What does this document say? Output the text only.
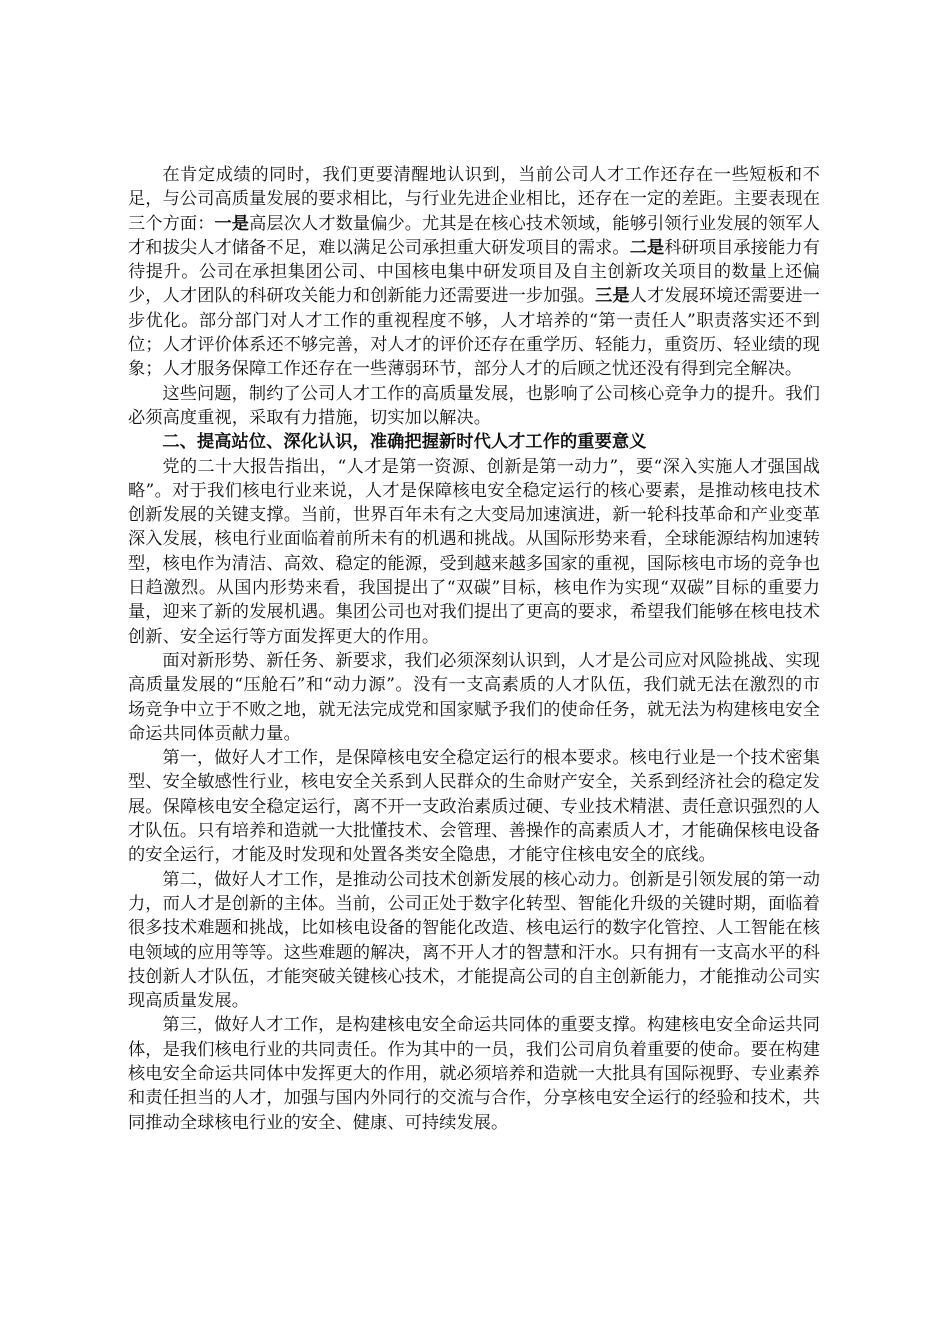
在肯定成绩的同时，我们更要清醒地认识到，当前公司人才工作还存在一些短板和不足，与公司高质量发展的要求相比，与行业先进企业相比，还存在一定的差距。主要表现在三个方面：一是高层次人才数量偏少。尤其是在核心技术领域，能够引领行业发展的领军人才和拔尖人才储备不足，难以满足公司承担重大研发项目的需求。二是科研项目承接能力有待提升。公司在承担集团公司、中国核电集中研发项目及自主创新攻关项目的数量上还偏少，人才团队的科研攻关能力和创新能力还需要进一步加强。三是人才发展环境还需要进一步优化。部分部门对人才工作的重视程度不够，人才培养的“第一责任人”职责落实还不到位；人才评价体系还不够完善，对人才的评价还存在重学历、轻能力，重资历、轻业绩的现象；人才服务保障工作还存在一些薄弱环节，部分人才的后顾之忧还没有得到完全解决。

这些问题，制约了公司人才工作的高质量发展，也影响了公司核心竞争力的提升。我们必须高度重视，采取有力措施，切实加以解决。

二、提高站位、深化认识，准确把握新时代人才工作的重要意义

党的二十大报告指出，“人才是第一资源、创新是第一动力”，要“深入实施人才强国战略”。对于我们核电行业来说，人才是保障核电安全稳定运行的核心要素，是推动核电技术创新发展的关键支撑。当前，世界百年未有之大变局加速演进，新一轮科技革命和产业变革深入发展，核电行业面临着前所未有的机遇和挑战。从国际形势来看，全球能源结构加速转型，核电作为清洁、高效、稳定的能源，受到越来越多国家的重视，国际核电市场的竞争也日趋激烈。从国内形势来看，我国提出了“双碳”目标，核电作为实现“双碳”目标的重要力量，迎来了新的发展机遇。集团公司也对我们提出了更高的要求，希望我们能够在核电技术创新、安全运行等方面发挥更大的作用。

面对新形势、新任务、新要求，我们必须深刻认识到，人才是公司应对风险挑战、实现高质量发展的“压舱石”和“动力源”。没有一支高素质的人才队伍，我们就无法在激烈的市场竞争中立于不败之地，就无法完成党和国家赋予我们的使命任务，就无法为构建核电安全命运共同体贡献力量。

第一，做好人才工作，是保障核电安全稳定运行的根本要求。核电行业是一个技术密集型、安全敏感性行业，核电安全关系到人民群众的生命财产安全，关系到经济社会的稳定发展。保障核电安全稳定运行，离不开一支政治素质过硬、专业技术精湛、责任意识强烈的人才队伍。只有培养和造就一大批懂技术、会管理、善操作的高素质人才，才能确保核电设备的安全运行，才能及时发现和处置各类安全隐患，才能守住核电安全的底线。

第二，做好人才工作，是推动公司技术创新发展的核心动力。创新是引领发展的第一动力，而人才是创新的主体。当前，公司正处于数字化转型、智能化升级的关键时期，面临着很多技术难题和挑战，比如核电设备的智能化改造、核电运行的数字化管控、人工智能在核电领域的应用等等。这些难题的解决，离不开人才的智慧和汗水。只有拥有一支高水平的科技创新人才队伍，才能突破关键核心技术，才能提高公司的自主创新能力，才能推动公司实现高质量发展。

第三，做好人才工作，是构建核电安全命运共同体的重要支撑。构建核电安全命运共同体，是我们核电行业的共同责任。作为其中的一员，我们公司肩负着重要的使命。要在构建核电安全命运共同体中发挥更大的作用，就必须培养和造就一大批具有国际视野、专业素养和责任担当的人才，加强与国内外同行的交流与合作，分享核电安全运行的经验和技术，共同推动全球核电行业的安全、健康、可持续发展。
